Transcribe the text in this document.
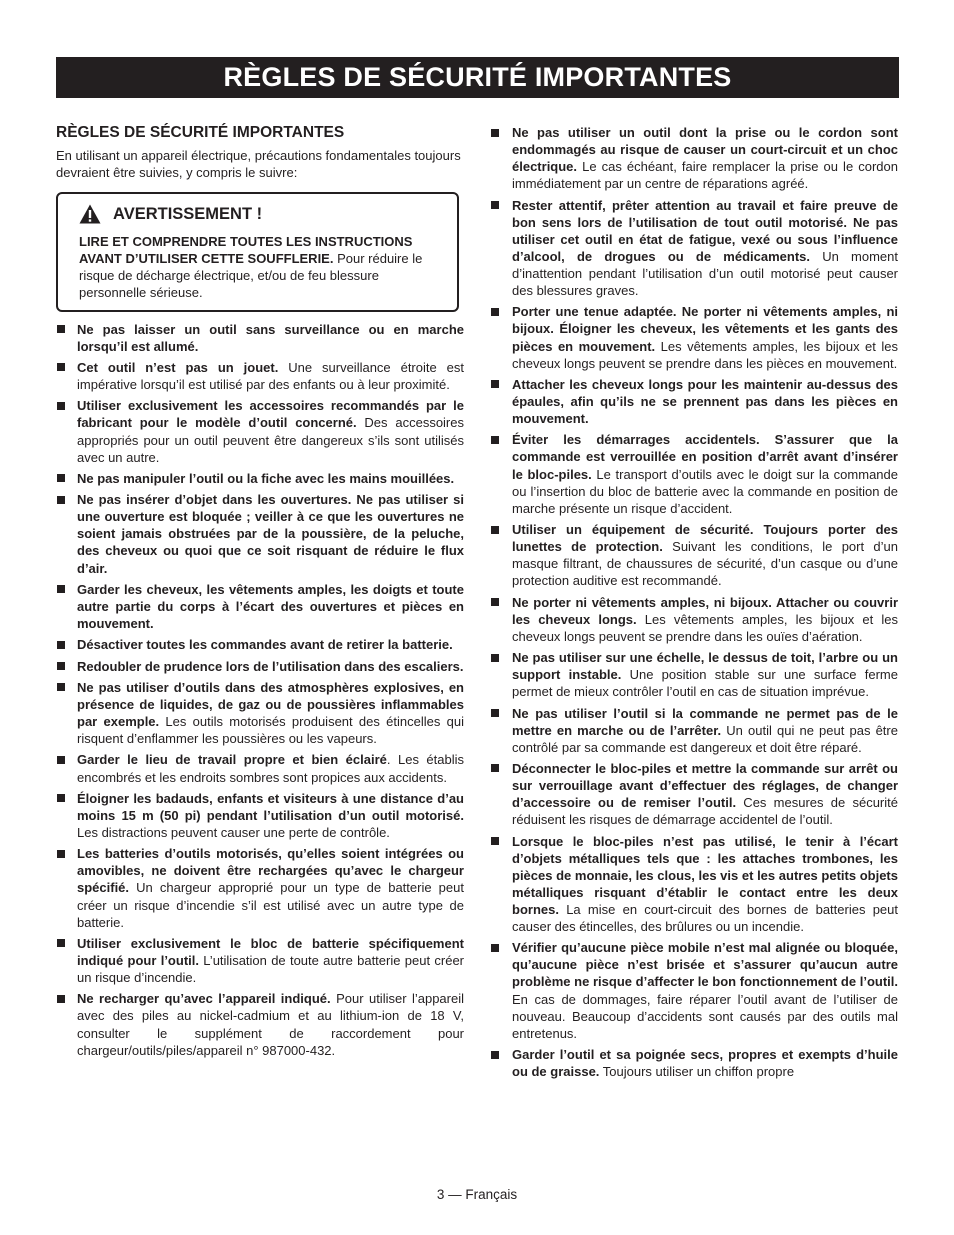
RÈGLES DE SÉCURITÉ IMPORTANTES
RÈGLES DE SÉCURITÉ IMPORTANTES
En utilisant un appareil électrique, précautions fondamentales toujours devraient être suivies, y compris le suivre:
AVERTISSEMENT !

LIRE ET COMPRENDRE TOUTES LES INSTRUCTIONS AVANT D’UTILISER CETTE SOUFFLERIE. Pour réduire le risque de décharge électrique, et/ou de feu blessure personnelle sérieuse.

Ne pas laisser un outil sans surveillance ou en marche lorsqu’il est allumé.
Cet outil n’est pas un jouet. Une surveillance étroite est impérative lorsqu’il est utilisé par des enfants ou à leur proximité.
Utiliser exclusivement les accessoires recommandés par le fabricant pour le modèle d’outil concerné. Des accessoires appropriés pour un outil peuvent être dangereux s’ils sont utilisés avec un autre.
Ne pas manipuler l’outil ou la fiche avec les mains mouillées.
Ne pas insérer d’objet dans les ouvertures. Ne pas utiliser si une ouverture est bloquée ; veiller à ce que les ouvertures ne soient jamais obstruées par de la poussière, de la peluche, des cheveux ou quoi que ce soit risquant de réduire le flux d’air.
Garder les cheveux, les vêtements amples, les doigts et toute autre partie du corps à l’écart des ouvertures et pièces en mouvement.
Désactiver toutes les commandes avant de retirer la batterie.
Redoubler de prudence lors de l’utilisation dans des escaliers.
Ne pas utiliser d’outils dans des atmosphères explosives, en présence de liquides, de gaz ou de poussières inflammables par exemple. Les outils motorisés produisent des étincelles qui risquent d’enflammer les poussières ou les vapeurs.
Garder le lieu de travail propre et bien éclairé. Les établis encombrés et les endroits sombres sont propices aux accidents.
Éloigner les badauds, enfants et visiteurs à une distance d’au moins 15 m (50 pi) pendant l’utilisation d’un outil motorisé. Les distractions peuvent causer une perte de contrôle.
Les batteries d’outils motorisés, qu’elles soient intégrées ou amovibles, ne doivent être rechargées qu’avec le chargeur spécifié. Un chargeur approprié pour un type de batterie peut créer un risque d’incendie s’il est utilisé avec un autre type de batterie.
Utiliser exclusivement le bloc de batterie spécifiquement indiqué pour l’outil. L’utilisation de toute autre batterie peut créer un risque d’incendie.
Ne recharger qu’avec l’appareil indiqué. Pour utiliser l’appareil avec des piles au nickel-cadmium et au lithium-ion de 18 V, consulter le supplément de raccordement pour chargeur/outils/piles/appareil n° 987000-432.
Ne pas utiliser un outil dont la prise ou le cordon sont endommagés au risque de causer un court-circuit et un choc électrique. Le cas échéant, faire remplacer la prise ou le cordon immédiatement par un centre de réparations agréé.
Rester attentif, prêter attention au travail et faire preuve de bon sens lors de l’utilisation de tout outil motorisé. Ne pas utiliser cet outil en état de fatigue, vexé ou sous l’influence d’alcool, de drogues ou de médicaments. Un moment d’inattention pendant l’utilisation d’un outil motorisé peut causer des blessures graves.
Porter une tenue adaptée. Ne porter ni vêtements amples, ni bijoux. Éloigner les cheveux, les vêtements et les gants des pièces en mouvement. Les vêtements amples, les bijoux et les cheveux longs peuvent se prendre dans les pièces en mouvement.
Attacher les cheveux longs pour les maintenir au-dessus des épaules, afin qu’ils ne se prennent pas dans les pièces en mouvement.
Éviter les démarrages accidentels. S’assurer que la commande est verrouillée en position d’arrêt avant d’insérer le bloc-piles. Le transport d’outils avec le doigt sur la commande ou l’insertion du bloc de batterie avec la commande en position de marche présente un risque d’accident.
Utiliser un équipement de sécurité. Toujours porter des lunettes de protection. Suivant les conditions, le port d’un masque filtrant, de chaussures de sécurité, d’un casque ou d’une protection auditive est recommandé.
Ne porter ni vêtements amples, ni bijoux. Attacher ou couvrir les cheveux longs. Les vêtements amples, les bijoux et les cheveux longs peuvent se prendre dans les ouïes d’aération.
Ne pas utiliser sur une échelle, le dessus de toit, l’arbre ou un support instable. Une position stable sur une surface ferme permet de mieux contrôler l’outil en cas de situation imprévue.
Ne pas utiliser l’outil si la commande ne permet pas de le mettre en marche ou de l’arrêter. Un outil qui ne peut pas être contrôlé par sa commande est dangereux et doit être réparé.
Déconnecter le bloc-piles et mettre la commande sur arrêt ou sur verrouillage avant d’effectuer des réglages, de changer d’accessoire ou de remiser l’outil. Ces mesures de sécurité réduisent les risques de démarrage accidentel de l’outil.
Lorsque le bloc-piles n’est pas utilisé, le tenir à l’écart d’objets métalliques tels que : les attaches trombones, les pièces de monnaie, les clous, les vis et les autres petits objets métalliques risquant d’établir le contact entre les deux bornes. La mise en court-circuit des bornes de batteries peut causer des étincelles, des brûlures ou un incendie.
Vérifier qu’aucune pièce mobile n’est mal alignée ou bloquée, qu’aucune pièce n’est brisée et s’assurer qu’aucun autre problème ne risque d’affecter le bon fonctionnement de l’outil. En cas de dommages, faire réparer l’outil avant de l’utiliser de nouveau. Beaucoup d’accidents sont causés par des outils mal entretenus.
Garder l’outil et sa poignée secs, propres et exempts d’huile ou de graisse. Toujours utiliser un chiffon propre
3 — Français
